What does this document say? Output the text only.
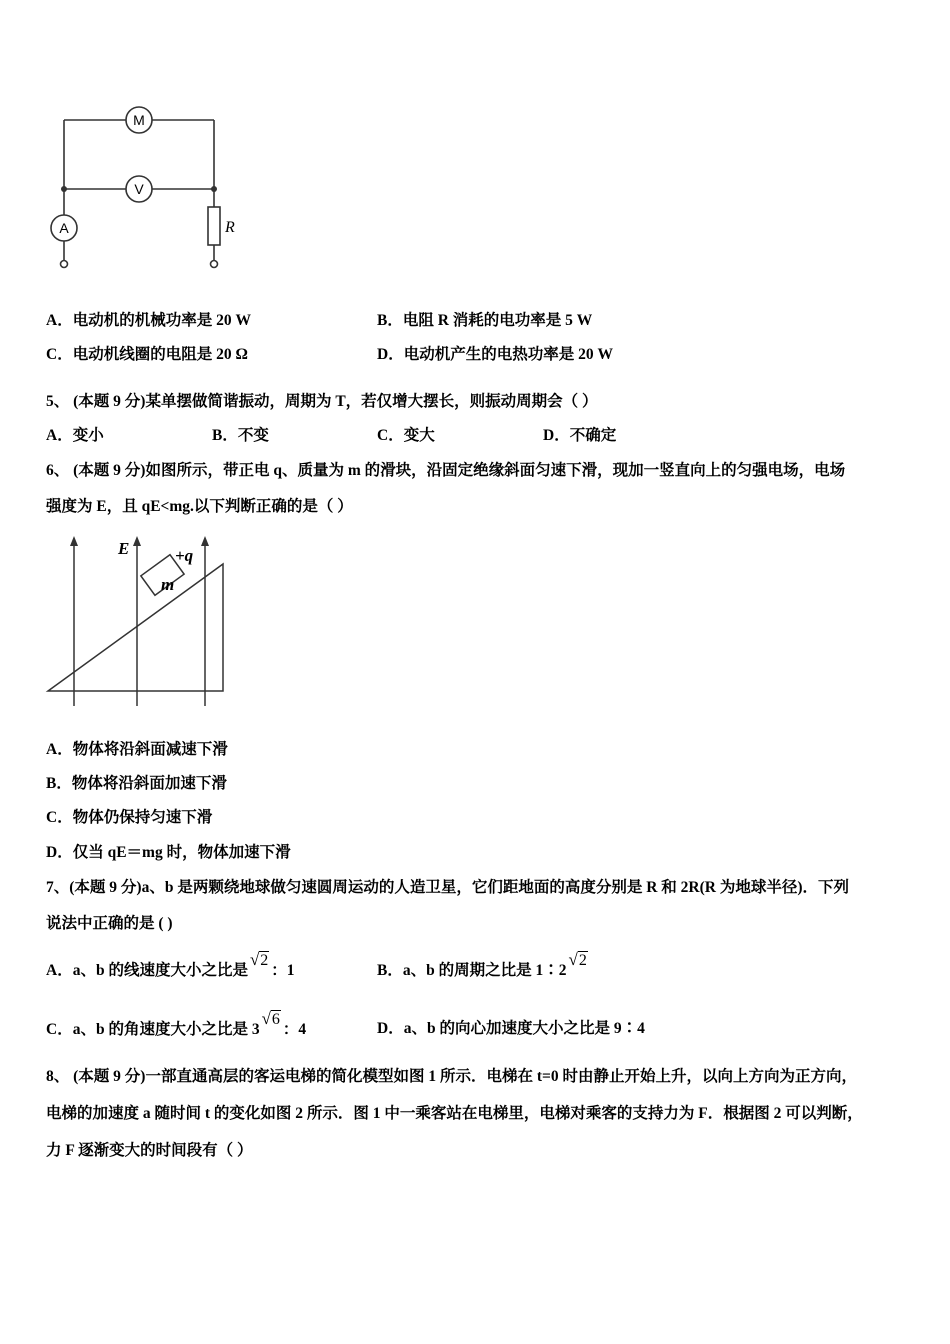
M
V
A	R
A．电动机的机械功率是 20 W	B．电阻 R 消耗的电功率是 5 W
C．电动机线圈的电阻是 20 Ω	D．电动机产生的电热功率是 20 W
5、 (本题 9 分)某单摆做简谐振动，周期为 T，若仅增大摆长，则振动周期会（ ）
A．变小	B．不变	C．变大	D．不确定
6、 (本题 9 分)如图所示，带正电 q、质量为 m 的滑块，沿固定绝缘斜面匀速下滑，现加一竖直向上的匀强电场，电场
强度为 E，且 qE<mg.以下判断正确的是（ ）
E	+q
m
A．物体将沿斜面减速下滑
B．物体将沿斜面加速下滑
C．物体仍保持匀速下滑
D．仅当 qE＝mg 时，物体加速下滑
7、(本题 9 分)a、b 是两颗绕地球做匀速圆周运动的人造卫星，它们距地面的高度分别是 R 和 2R(R 为地球半径)．下列
说法中正确的是 ( )
A．a、b 的线速度大小之比是√2：1	B．a、b 的周期之比是 1∶2√2
C．a、b 的角速度大小之比是 3√6：4	D．a、b 的向心加速度大小之比是 9∶4
8、 (本题 9 分)一部直通高层的客运电梯的简化模型如图 1 所示．电梯在 t=0 时由静止开始上升，以向上方向为正方向，
电梯的加速度 a 随时间 t 的变化如图 2 所示．图 1 中一乘客站在电梯里，电梯对乘客的支持力为 F．根据图 2 可以判断，
力 F 逐渐变大的时间段有（ ）
